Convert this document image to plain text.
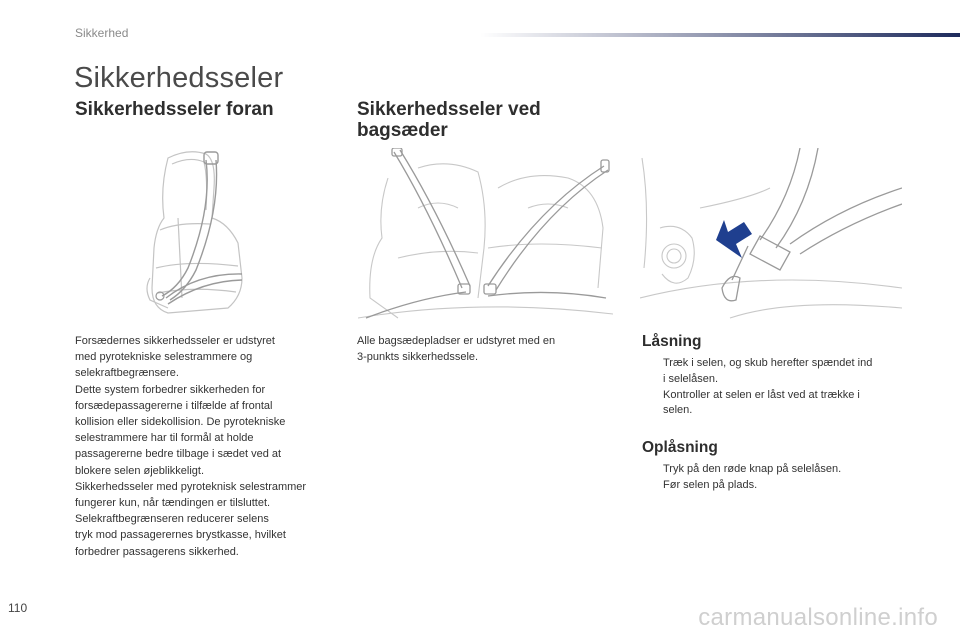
Sikkerhed
Sikkerhedsseler
Sikkerhedsseler foran

Forsædernes sikkerhedsseler er udstyret

med pyrotekniske selestrammere og

selekraftbegrænsere.

Dette system forbedrer sikkerheden for

forsædepassagererne i tilfælde af frontal

kollision eller sidekollision. De pyrotekniske

selestrammere har til formål at holde

passagererne bedre tilbage i sædet ved at

blokere selen øjeblikkeligt.

Sikkerhedsseler med pyroteknisk selestrammer

fungerer kun, når tændingen er tilsluttet.

Selekraftbegrænseren reducerer selens

tryk mod passagerernes brystkasse, hvilket

forbedrer passagerens sikkerhed.

Sikkerhedsseler ved
bagsæder

Alle bagsædepladser er udstyret med en

3-punkts sikkerhedssele.

Låsning
Træk i selen, og skub herefter spændet ind
i selelåsen.
Kontroller at selen er låst ved at trække i
selen.
Oplåsning
Tryk på den røde knap på selelåsen.
Før selen på plads.
110	carmanualsonline.info
